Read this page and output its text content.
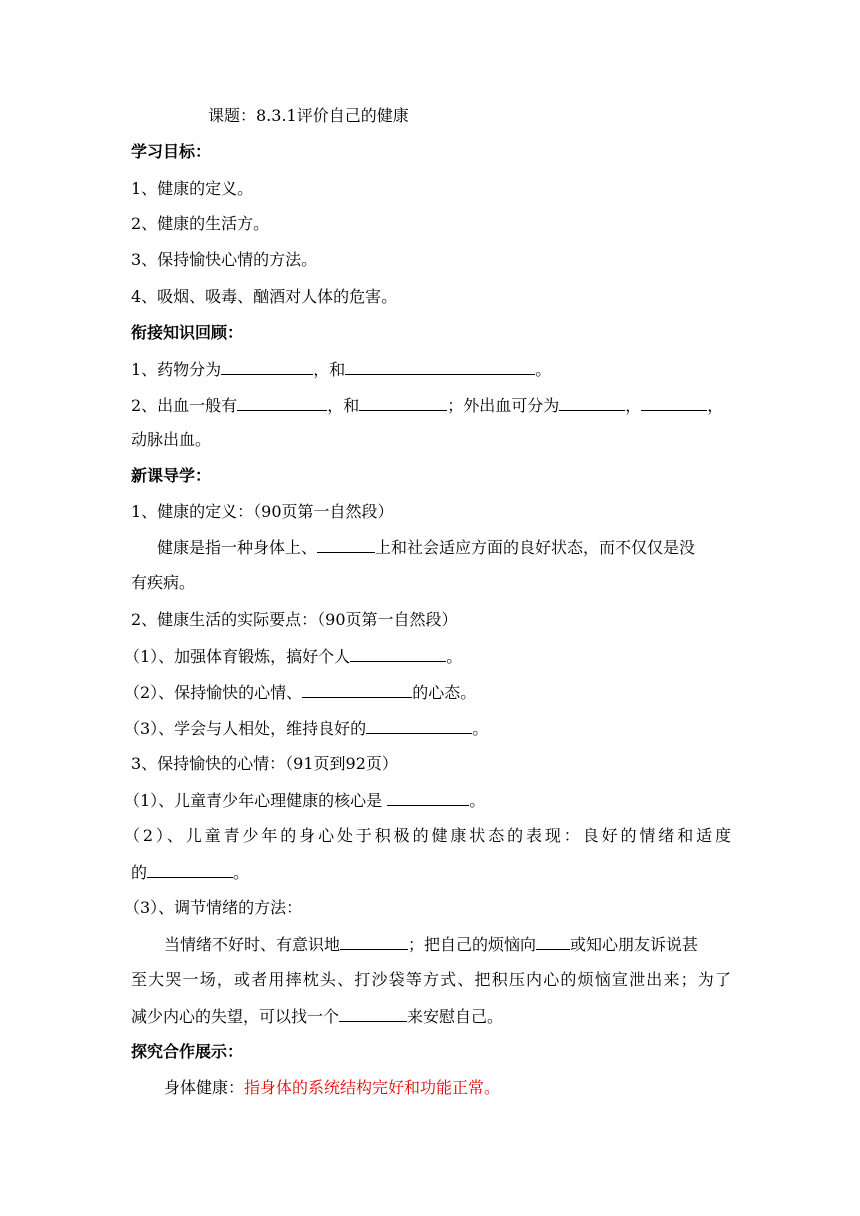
课题：8.3.1评价自己的健康
学习目标：
1、健康的定义。
2、健康的生活方。
3、保持愉快心情的方法。
4、吸烟、吸毒、酗酒对人体的危害。
衔接知识回顾：
1、药物分为	，和	。
2、出血一般有	，和	；外出血可分为	，	，
动脉出血。
新课导学：
1、健康的定义：（90页第一自然段）
健康是指一种身体上、	上和社会适应方面的良好状态，而不仅仅是没
有疾病。
2、健康生活的实际要点：（90页第一自然段）
（1）、加强体育锻炼，搞好个人	。
（2）、保持愉快的心情、	的心态。
（3）、学会与人相处，维持良好的	。
3、保持愉快的心情：（91页到92页）
（1）、儿童青少年心理健康的核心是	。
（2）、儿童青少年的身心处于积极的健康状态的表现：良好的情绪和适度
的	。
（3）、调节情绪的方法：
当情绪不好时、有意识地	；把自己的烦恼向 或知心朋友诉说甚
至大哭一场，或者用摔枕头、打沙袋等方式、把积压内心的烦恼宣泄出来；为了
减少内心的失望，可以找一个	来安慰自己。
探究合作展示：
身体健康：指身体的系统结构完好和功能正常。
